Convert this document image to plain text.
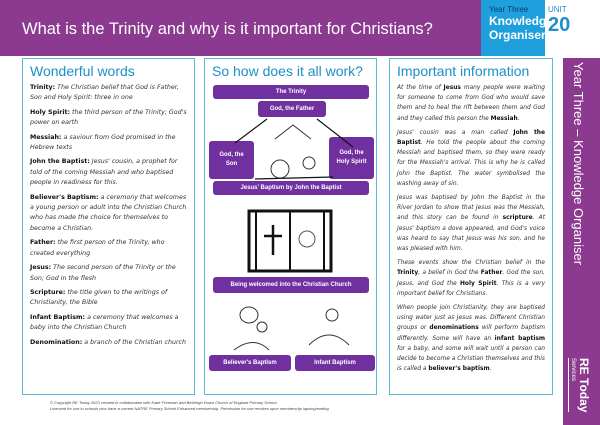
What is the Trinity and why is it important for Christians?
Year Three
Knowledge
Organiser
UNIT
20
Year Three – Knowledge Organiser
RE Today
Services
Wonderful words

Trinity: The Christian belief that God is Father, Son and Holy Spirit: three in one

Holy Spirit: the third person of the Trinity; God's power on earth

Messiah: a saviour from God promised in the Hebrew texts

John the Baptist: Jesus' cousin, a prophet for told of the coming Messiah and who baptised people in readiness for this.

Believer's Baptism: a ceremony that welcomes a young person or adult into the Christian Church who has made the choice for themselves to become a Christian.

Father: the first person of the Trinity, who created everything

Jesus: The second person of the Trinity or the Son; God in the flesh

Scripture: the title given to the writings of Christianity, the Bible

Infant Baptism: a ceremony that welcomes a baby into the Christian Church

Denomination: a branch of the Christian church

So how does it all work?
The Trinity
God, the Father
God, the Son
God, the Holy Spirit
Jesus' Baptism by John the Baptist
Being welcomed into the Christian Church
Believer's Baptism	Infant Baptism
Important information

At the time of Jesus many people were waiting for someone to come from God who would save them and to heal the rift between them and God and they called this person the Messiah.

Jesus' cousin was a man called John the Baptist. He told the people about the coming Messiah and baptised them, so they were ready for the Messiah's arrival. This is why he is called John the Baptist. The water symbolised the washing away of sin.

Jesus was baptised by John the Baptist in the River Jordan to show that Jesus was the Messiah, and this story can be found in scripture. At Jesus' baptism a dove appeared, and God's voice was heard to say that Jesus was his son, and he was pleased with him.

These events show the Christian belief in the Trinity, a belief in God the Father, God the son, Jesus, and God the Holy Spirit. This is a very important belief for Christians.

When people join Christianity, they are baptised using water just as Jesus was. Different Christian groups or denominations will perform baptism differently. Some will have an infant baptism for a baby, and some will wait until a person can decide to become a Christian themselves and this is called a believer's baptism.

© Copyright RE Today 2023 created in collaboration with Katie Freeman and Bickleigh Down Church of England Primary School
Licensed for use in schools who have a current NATRE Primary School Enhanced membership. Permission for use revokes upon membership lapsing/ending
